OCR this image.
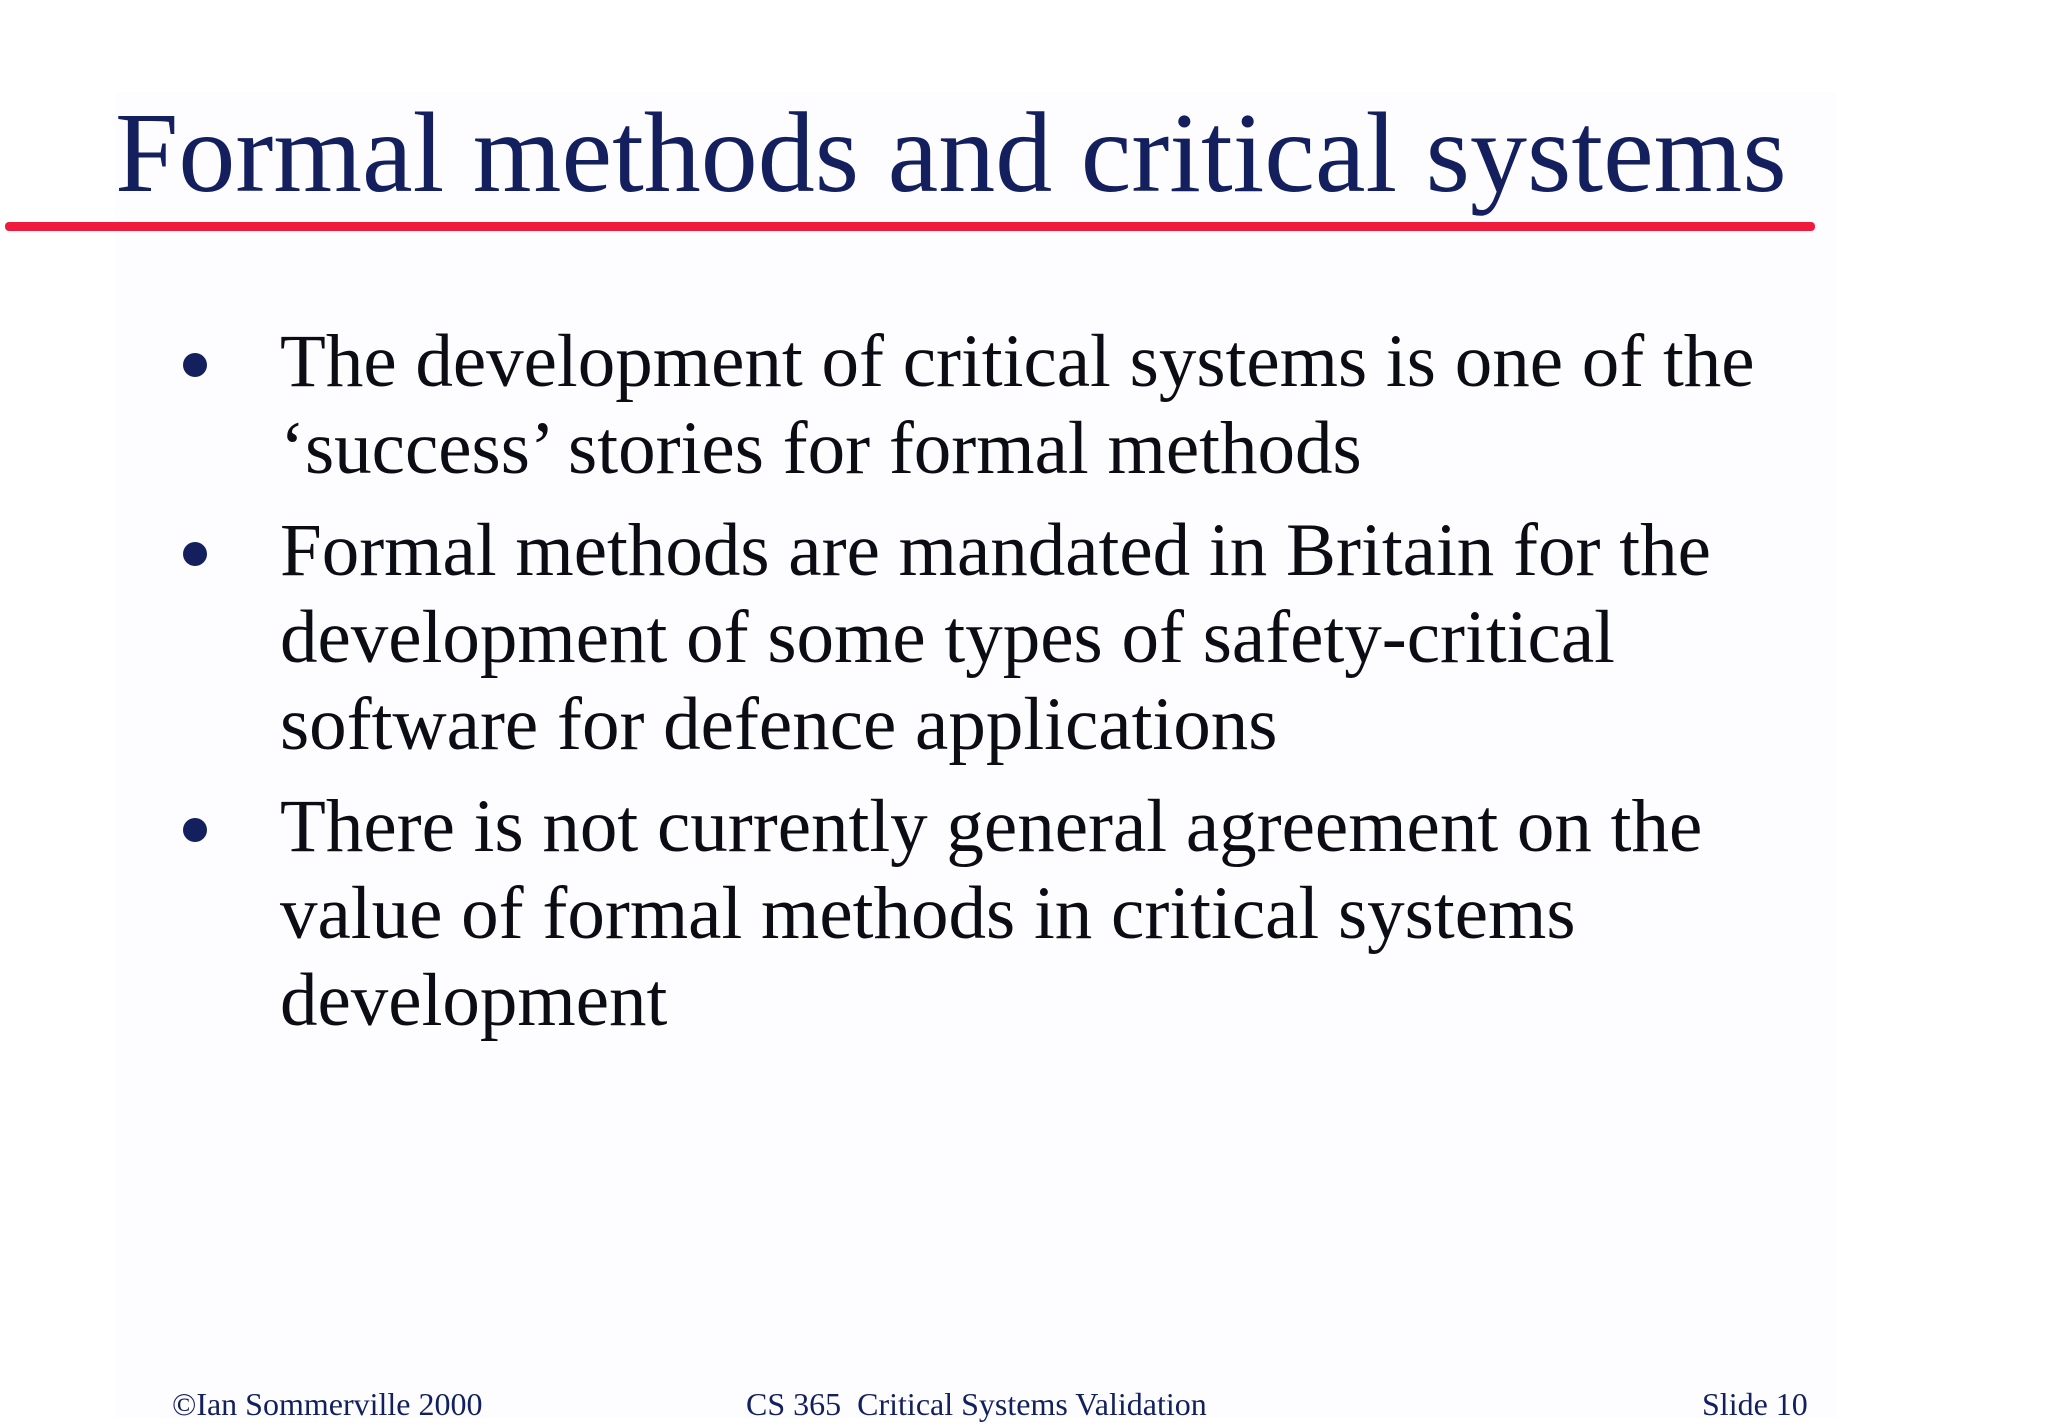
Formal methods and critical systems
The development of critical systems is one of the ‘success’ stories for formal methods
Formal methods are mandated in Britain for the development of some types of safety-critical software for defence applications
There is not currently general agreement on the value of formal methods in critical systems development
©Ian Sommerville 2000	CS 365  Critical Systems Validation	Slide 10
